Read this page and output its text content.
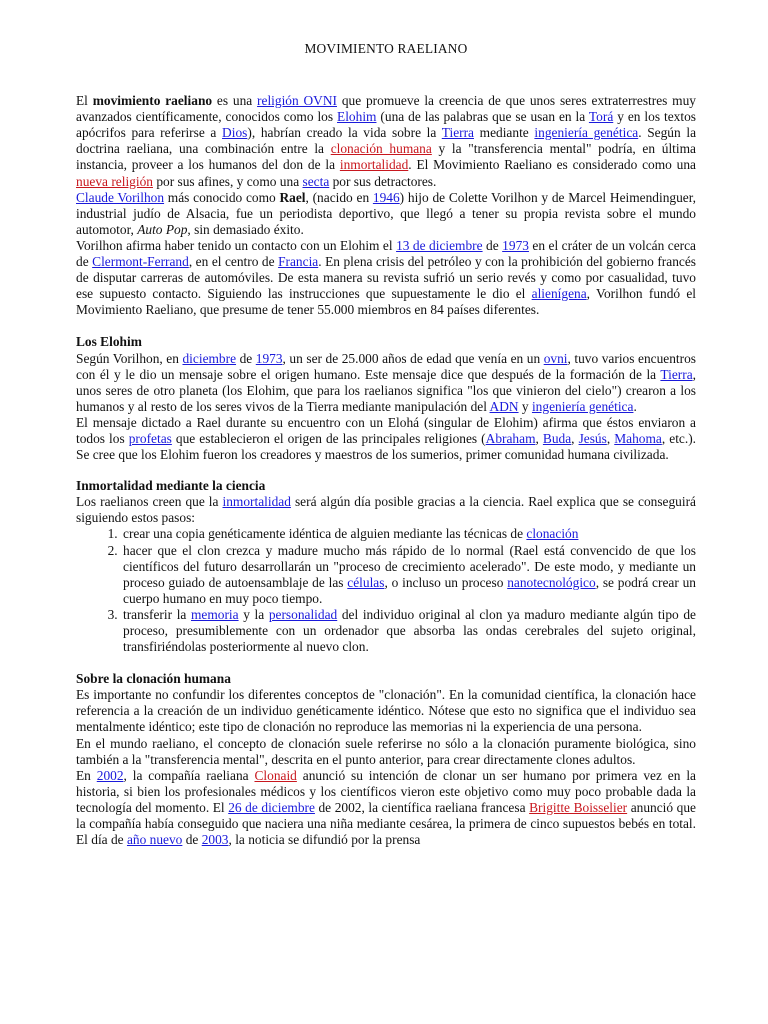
MOVIMIENTO RAELIANO

El movimiento raeliano es una religión OVNI que promueve la creencia de que unos seres extraterrestres muy avanzados científicamente, conocidos como los Elohim (una de las palabras que se usan en la Torá y en los textos apócrifos para referirse a Dios), habrían creado la vida sobre la Tierra mediante ingeniería genética. Según la doctrina raeliana, una combinación entre la clonación humana y la "transferencia mental" podría, en última instancia, proveer a los humanos del don de la inmortalidad. El Movimiento Raeliano es considerado como una nueva religión por sus afines, y como una secta por sus detractores.

Claude Vorilhon más conocido como Rael, (nacido en 1946) hijo de Colette Vorilhon y de Marcel Heimendinguer, industrial judío de Alsacia, fue un periodista deportivo, que llegó a tener su propia revista sobre el mundo automotor, Auto Pop, sin demasiado éxito.

Vorilhon afirma haber tenido un contacto con un Elohim el 13 de diciembre de 1973 en el cráter de un volcán cerca de Clermont-Ferrand, en el centro de Francia. En plena crisis del petróleo y con la prohibición del gobierno francés de disputar carreras de automóviles. De esta manera su revista sufrió un serio revés y como por casualidad, tuvo ese supuesto contacto. Siguiendo las instrucciones que supuestamente le dio el alienígena, Vorilhon fundó el Movimiento Raeliano, que presume de tener 55.000 miembros en 84 países diferentes.

Los Elohim

Según Vorilhon, en diciembre de 1973, un ser de 25.000 años de edad que venía en un ovni, tuvo varios encuentros con él y le dio un mensaje sobre el origen humano. Este mensaje dice que después de la formación de la Tierra, unos seres de otro planeta (los Elohim, que para los raelianos significa "los que vinieron del cielo") crearon a los humanos y al resto de los seres vivos de la Tierra mediante manipulación del ADN y ingeniería genética.

El mensaje dictado a Rael durante su encuentro con un Elohá (singular de Elohim) afirma que éstos enviaron a todos los profetas que establecieron el origen de las principales religiones (Abraham, Buda, Jesús, Mahoma, etc.). Se cree que los Elohim fueron los creadores y maestros de los sumerios, primer comunidad humana civilizada.

Inmortalidad mediante la ciencia

Los raelianos creen que la inmortalidad será algún día posible gracias a la ciencia. Rael explica que se conseguirá siguiendo estos pasos:

1. crear una copia genéticamente idéntica de alguien mediante las técnicas de clonación
2. hacer que el clon crezca y madure mucho más rápido de lo normal (Rael está convencido de que los científicos del futuro desarrollarán un "proceso de crecimiento acelerado". De este modo, y mediante un proceso guiado de autoensamblaje de las células, o incluso un proceso nanotecnológico, se podrá crear un cuerpo humano en muy poco tiempo.
3. transferir la memoria y la personalidad del individuo original al clon ya maduro mediante algún tipo de proceso, presumiblemente con un ordenador que absorba las ondas cerebrales del sujeto original, transfiriéndolas posteriormente al nuevo clon.
Sobre la clonación humana

Es importante no confundir los diferentes conceptos de "clonación". En la comunidad científica, la clonación hace referencia a la creación de un individuo genéticamente idéntico. Nótese que esto no significa que el individuo sea mentalmente idéntico; este tipo de clonación no reproduce las memorias ni la experiencia de una persona.

En el mundo raeliano, el concepto de clonación suele referirse no sólo a la clonación puramente biológica, sino también a la "transferencia mental", descrita en el punto anterior, para crear directamente clones adultos.

En 2002, la compañía raeliana Clonaid anunció su intención de clonar un ser humano por primera vez en la historia, si bien los profesionales médicos y los científicos vieron este objetivo como muy poco probable dada la tecnología del momento. El 26 de diciembre de 2002, la científica raeliana francesa Brigitte Boisselier anunció que la compañía había conseguido que naciera una niña mediante cesárea, la primera de cinco supuestos bebés en total. El día de año nuevo de 2003, la noticia se difundió por la prensa
